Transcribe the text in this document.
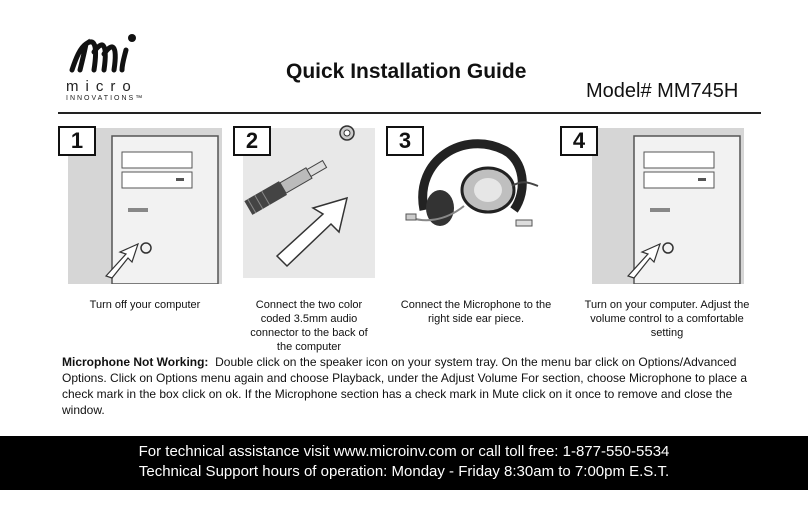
micro
INNOVATIONS™
Quick Installation Guide
Model# MM745H
1
Turn off your computer
2
Connect the two color coded 3.5mm audio connector to the back of the computer
3
Connect the Microphone to the right side ear piece.
4
Turn on your computer. Adjust the volume control to a comfortable setting
Microphone Not Working: Double click on the speaker icon on your system tray. On the menu bar click on Options/Advanced Options. Click on Options menu again and choose Playback, under the Adjust Volume For section, choose Microphone to place a check mark in the box click on ok. If the Microphone section has a check mark in Mute click on it once to remove and close the window.
For technical assistance visit www.microinv.com or call toll free: 1-877-550-5534
Technical Support hours of operation: Monday - Friday 8:30am to 7:00pm E.S.T.
